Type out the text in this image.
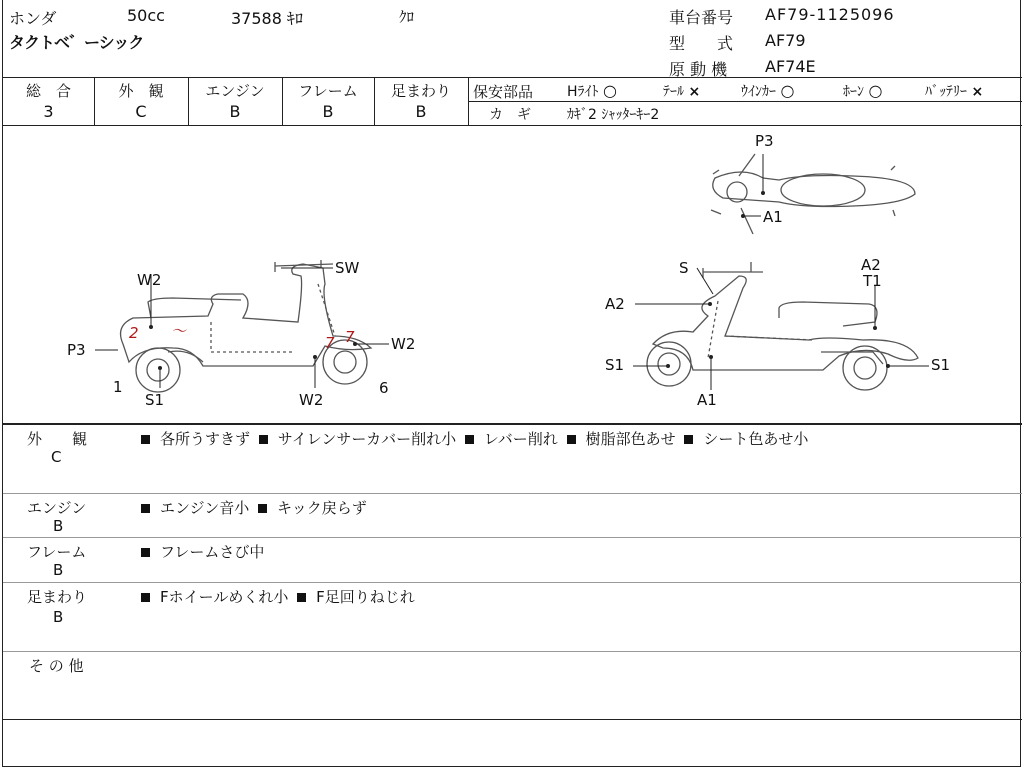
ホンダ	50cc	37588 ｷﾛ	ｸﾛ
タクトベ゛ーシック
車台番号 AF79-1125096
型　　式 AF79
原 動 機 AF74E
総　合
3
外　観
C
エンジン
B
フレーム
B
足まわり
B
保安部品 Hﾗｲﾄ ○	ﾃｰﾙ ×	ｳｲﾝｶｰ ○	ﾎｰﾝ ○	ﾊﾞｯﾃﾘｰ ×
カ　ギ	ｶｷﾞ2 ｼｬｯﾀｰｷｰ2
2 〜
7 7
SW
W2
P3
1
S1	W2
6
W2
P3
A1
S	A2
T1
A2
S1
A1
S1
外　　観
C
各所うすきず サイレンサーカバー削れ小 レバー削れ 樹脂部色あせ シート色あせ小
エンジン
B
エンジン音小 キック戻らず
フレーム
B
フレームさび中
足まわり
B
Fホイールめくれ小 F足回りねじれ
そ の 他
